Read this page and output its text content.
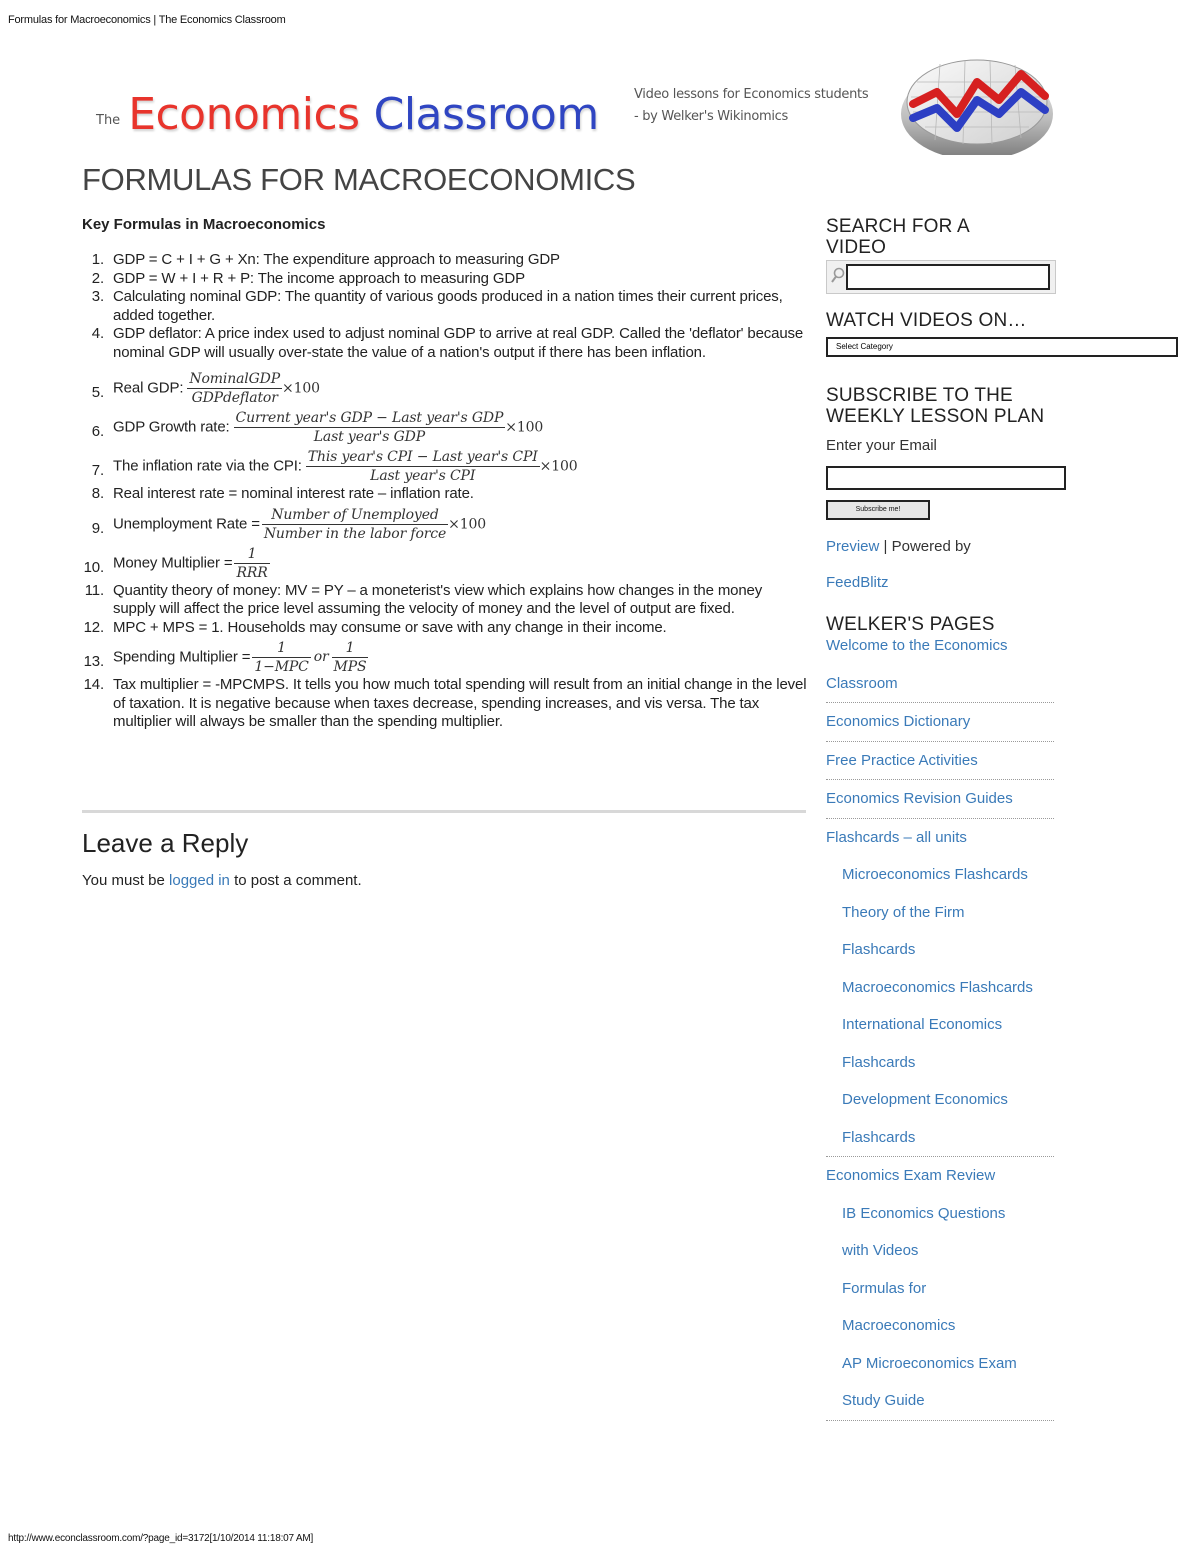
Formulas for Macroeconomics | The Economics Classroom
http://www.econclassroom.com/?page_id=3172[1/10/2014 11:18:07 AM]
The Economics Classroom	Video lessons for Economics students
- by Welker's Wikinomics
FORMULAS FOR MACROECONOMICS
Key Formulas in Macroeconomics
1. GDP = C + I + G + Xn: The expenditure approach to measuring GDP
2. GDP = W + I + R + P: The income approach to measuring GDP
3. Calculating nominal GDP: The quantity of various goods produced in a nation times their current prices, added together.
4. GDP deflator: A price index used to adjust nominal GDP to arrive at real GDP. Called the 'deflator' because nominal GDP will usually over-state the value of a nation's output if there has been inflation.
5. Real GDP: $\frac{\text{NominalGDP}}{\text{GDPdeflator}} \times 100$
6. GDP Growth rate: $\frac{\text{Current year's GDP − Last year's GDP}}{\text{Last year's GDP}} \times 100$
7. The inflation rate via the CPI: $\frac{\text{This year's CPI − Last year's CPI}}{\text{Last year's CPI}} \times 100$
8. Real interest rate = nominal interest rate – inflation rate.
9. Unemployment Rate = $\frac{\text{Number of Unemployed}}{\text{Number in the labor force}} \times 100$
10. Money Multiplier = $\frac{1}{\text{RRR}}$
11. Quantity theory of money: MV = PY – a moneterist's view which explains how changes in the money supply will affect the price level assuming the velocity of money and the level of output are fixed.
12. MPC + MPS = 1. Households may consume or save with any change in their income.
13. Spending Multiplier = $\frac{1}{\text{1−MPC}}$ or $\frac{1}{\text{MPS}}$
14. Tax multiplier = -MPCMPS. It tells you how much total spending will result from an initial change in the level of taxation. It is negative because when taxes decrease, spending increases, and vis versa. The tax multiplier will always be smaller than the spending multiplier.
Leave a Reply
You must be logged in to post a comment.
SEARCH FOR A VIDEO
WATCH VIDEOS ON…
Select Category
SUBSCRIBE TO THE WEEKLY LESSON PLAN
Enter your Email
Subscribe me!
Preview | Powered by
FeedBlitz
WELKER'S PAGES
Welcome to the Economics
Classroom
Economics Dictionary
Free Practice Activities
Economics Revision Guides
Flashcards – all units
Microeconomics Flashcards
Theory of the Firm
Flashcards
Macroeconomics Flashcards
International Economics
Flashcards
Development Economics
Flashcards
Economics Exam Review
IB Economics Questions
with Videos
Formulas for
Macroeconomics
AP Microeconomics Exam
Study Guide
